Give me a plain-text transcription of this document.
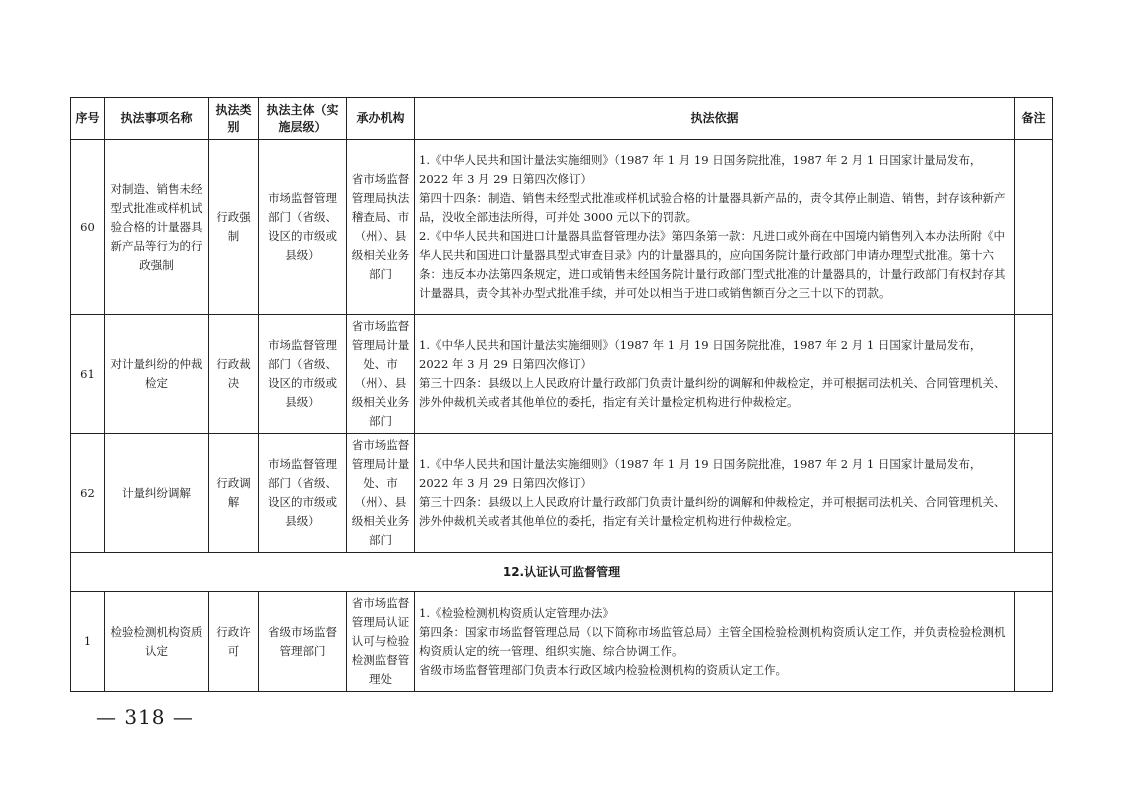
序号	执法事项名称	执法类别	执法主体（实施层级）	承办机构	执法依据	备注
60	对制造、销售未经型式批准或样机试验合格的计量器具新产品等行为的行政强制	行政强制	市场监督管理部门（省级、设区的市级或县级）	省市场监督管理局执法稽查局、市（州）、县级相关业务部门	1.《中华人民共和国计量法实施细则》（1987 年 1 月 19 日国务院批准，1987 年 2 月 1 日国家计量局发布，2022 年 3 月 29 日第四次修订）
第四十四条：制造、销售未经型式批准或样机试验合格的计量器具新产品的，责令其停止制造、销售，封存该种新产品，没收全部违法所得，可并处 3000 元以下的罚款。
2.《中华人民共和国进口计量器具监督管理办法》第四条第一款：凡进口或外商在中国境内销售列入本办法所附《中华人民共和国进口计量器具型式审查目录》内的计量器具的，应向国务院计量行政部门申请办理型式批准。第十六条：违反本办法第四条规定，进口或销售未经国务院计量行政部门型式批准的计量器具的，计量行政部门有权封存其计量器具，责令其补办型式批准手续，并可处以相当于进口或销售额百分之三十以下的罚款。	

61	对计量纠纷的仲裁检定	行政裁决	市场监督管理部门（省级、设区的市级或县级）	省市场监督管理局计量处、市（州）、县级相关业务部门	1.《中华人民共和国计量法实施细则》（1987 年 1 月 19 日国务院批准，1987 年 2 月 1 日国家计量局发布，2022 年 3 月 29 日第四次修订）
第三十四条：县级以上人民政府计量行政部门负责计量纠纷的调解和仲裁检定，并可根据司法机关、合同管理机关、涉外仲裁机关或者其他单位的委托，指定有关计量检定机构进行仲裁检定。	

62	计量纠纷调解	行政调解	市场监督管理部门（省级、设区的市级或县级）	省市场监督管理局计量处、市（州）、县级相关业务部门	1.《中华人民共和国计量法实施细则》（1987 年 1 月 19 日国务院批准，1987 年 2 月 1 日国家计量局发布，2022 年 3 月 29 日第四次修订）
第三十四条：县级以上人民政府计量行政部门负责计量纠纷的调解和仲裁检定，并可根据司法机关、合同管理机关、涉外仲裁机关或者其他单位的委托，指定有关计量检定机构进行仲裁检定。	

12.认证认可监督管理						
1	检验检测机构资质认定	行政许可	省级市场监督管理部门	省市场监督管理局认证认可与检验检测监督管理处	1.《检验检测机构资质认定管理办法》
第四条：国家市场监督管理总局（以下简称市场监管总局）主管全国检验检测机构资质认定工作，并负责检验检测机构资质认定的统一管理、组织实施、综合协调工作。
省级市场监督管理部门负责本行政区域内检验检测机构的资质认定工作。	

— 318 —
